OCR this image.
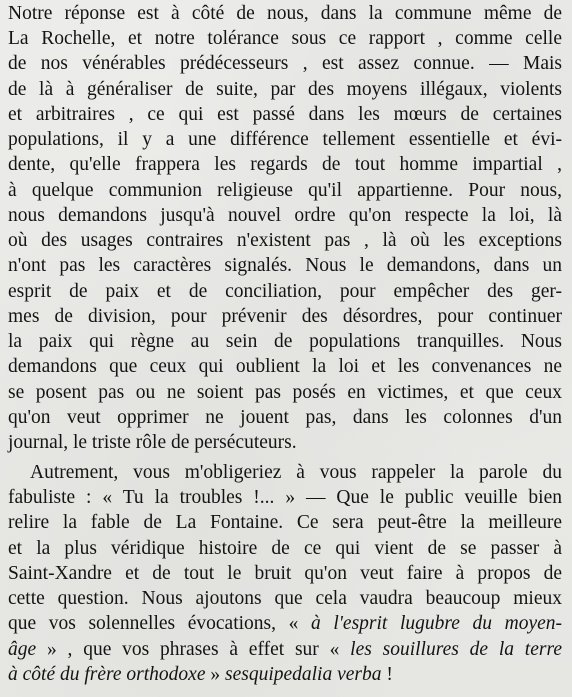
Notre réponse est à côté de nous, dans la commune même de
La Rochelle, et notre tolérance sous ce rapport , comme celle
de nos vénérables prédécesseurs , est assez connue. — Mais
de là à généraliser de suite, par des moyens illégaux, violents
et arbitraires , ce qui est passé dans les mœurs de certaines
populations, il y a une différence tellement essentielle et évi-
dente, qu'elle frappera les regards de tout homme impartial ,
à quelque communion religieuse qu'il appartienne. Pour nous,
nous demandons jusqu'à nouvel ordre qu'on respecte la loi, là
où des usages contraires n'existent pas , là où les exceptions
n'ont pas les caractères signalés. Nous le demandons, dans un
esprit de paix et de conciliation, pour empêcher des ger-
mes de division, pour prévenir des désordres, pour continuer
la paix qui règne au sein de populations tranquilles. Nous
demandons que ceux qui oublient la loi et les convenances ne
se posent pas ou ne soient pas posés en victimes, et que ceux
qu'on veut opprimer ne jouent pas, dans les colonnes d'un
journal, le triste rôle de persécuteurs.
Autrement, vous m'obligeriez à vous rappeler la parole du
fabuliste : « Tu la troubles !... » — Que le public veuille bien
relire la fable de La Fontaine. Ce sera peut-être la meilleure
et la plus véridique histoire de ce qui vient de se passer à
Saint-Xandre et de tout le bruit qu'on veut faire à propos de
cette question. Nous ajoutons que cela vaudra beaucoup mieux
que vos solennelles évocations, « à l'esprit lugubre du moyen-
âge » , que vos phrases à effet sur « les souillures de la terre
à côté du frère orthodoxe » sesquipedalia verba !
